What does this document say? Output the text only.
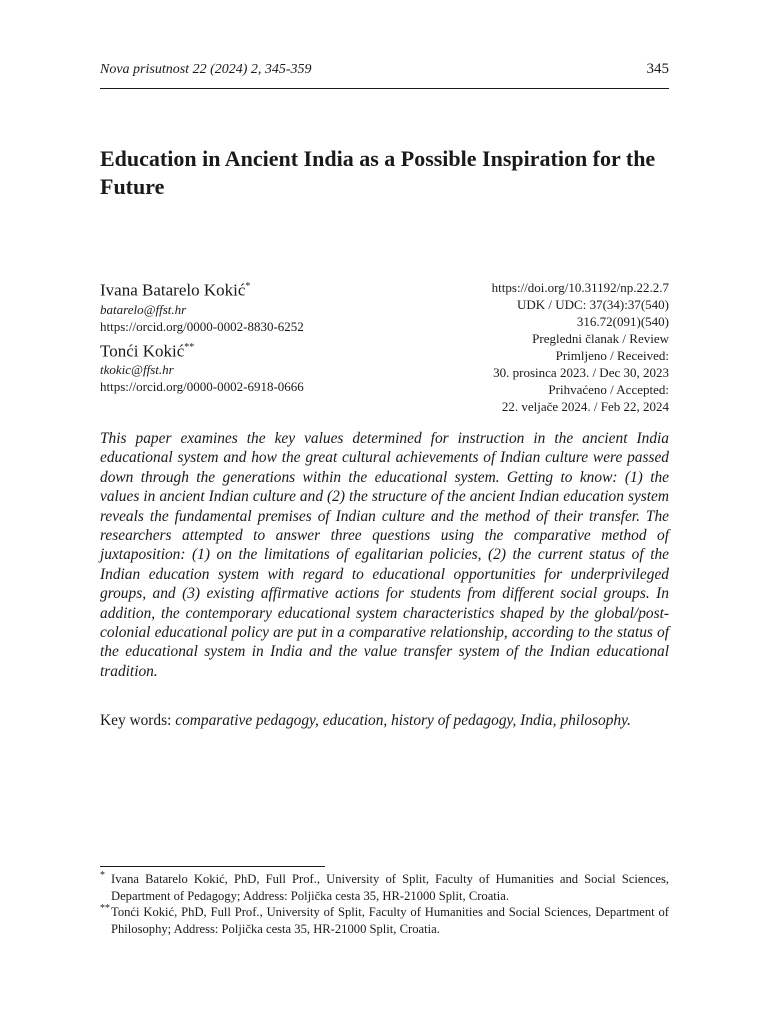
Nova prisutnost 22 (2024) 2, 345-359	345
Education in Ancient India as a Possible Inspiration for the Future
Ivana Batarelo Kokić*
batarelo@ffst.hr
https://orcid.org/0000-0002-8830-6252
Tonći Kokić**
tkokic@ffst.hr
https://orcid.org/0000-0002-6918-0666
https://doi.org/10.31192/np.22.2.7
UDK / UDC: 37(34):37(540)
316.72(091)(540)
Pregledni članak / Review
Primljeno / Received:
30. prosinca 2023. / Dec 30, 2023
Prihvaćeno / Accepted:
22. veljače 2024. / Feb 22, 2024

This paper examines the key values determined for instruction in the ancient India educational system and how the great cultural achievements of Indian culture were passed down through the generations within the educational system. Getting to know: (1) the values in ancient Indian culture and (2) the structure of the ancient Indian education system reveals the fundamental premises of Indian culture and the method of their transfer. The researchers attempted to answer three questions using the comparative method of juxtaposition: (1) on the limitations of egalitarian policies, (2) the current status of the Indian education system with regard to educational opportunities for underprivileged groups, and (3) existing affirmative actions for students from different social groups. In addition, the contemporary educational system characteristics shaped by the global/post-colonial educational policy are put in a comparative relationship, according to the status of the educational system in India and the value transfer system of the Indian educational tradition.

Key words: comparative pedagogy, education, history of pedagogy, India, philosophy.

* Ivana Batarelo Kokić, PhD, Full Prof., University of Split, Faculty of Humanities and Social Sciences, Department of Pedagogy; Address: Poljička cesta 35, HR-21000 Split, Croatia.
** Tonći Kokić, PhD, Full Prof., University of Split, Faculty of Humanities and Social Sciences, Department of Philosophy; Address: Poljička cesta 35, HR-21000 Split, Croatia.
